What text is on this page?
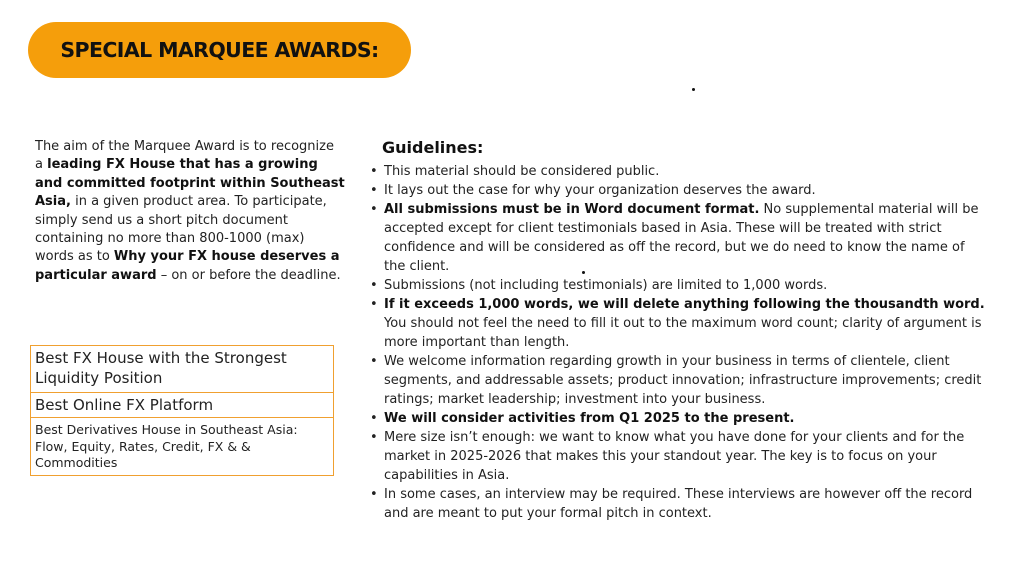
SPECIAL MARQUEE AWARDS:
The aim of the Marquee Award is to recognize a leading FX House that has a growing and committed footprint within Southeast Asia, in a given product area. To participate, simply send us a short pitch document containing no more than 800-1000 (max) words as to Why your FX house deserves a particular award – on or before the deadline.
Best FX House with the Strongest Liquidity Position
Best Online FX Platform
Best Derivatives House in Southeast Asia: Flow, Equity, Rates, Credit, FX & & Commodities
Guidelines:
• This material should be considered public.
• It lays out the case for why your organization deserves the award.
• All submissions must be in Word document format. No supplemental material will be accepted except for client testimonials based in Asia. These will be treated with strict confidence and will be considered as off the record, but we do need to know the name of the client.
• Submissions (not including testimonials) are limited to 1,000 words.
• If it exceeds 1,000 words, we will delete anything following the thousandth word. You should not feel the need to fill it out to the maximum word count; clarity of argument is more important than length.
• We welcome information regarding growth in your business in terms of clientele, client segments, and addressable assets; product innovation; infrastructure improvements; credit ratings; market leadership; investment into your business.
• We will consider activities from Q1 2025 to the present.
• Mere size isn’t enough: we want to know what you have done for your clients and for the market in 2025-2026 that makes this your standout year. The key is to focus on your capabilities in Asia.
• In some cases, an interview may be required. These interviews are however off the record and are meant to put your formal pitch in context.
